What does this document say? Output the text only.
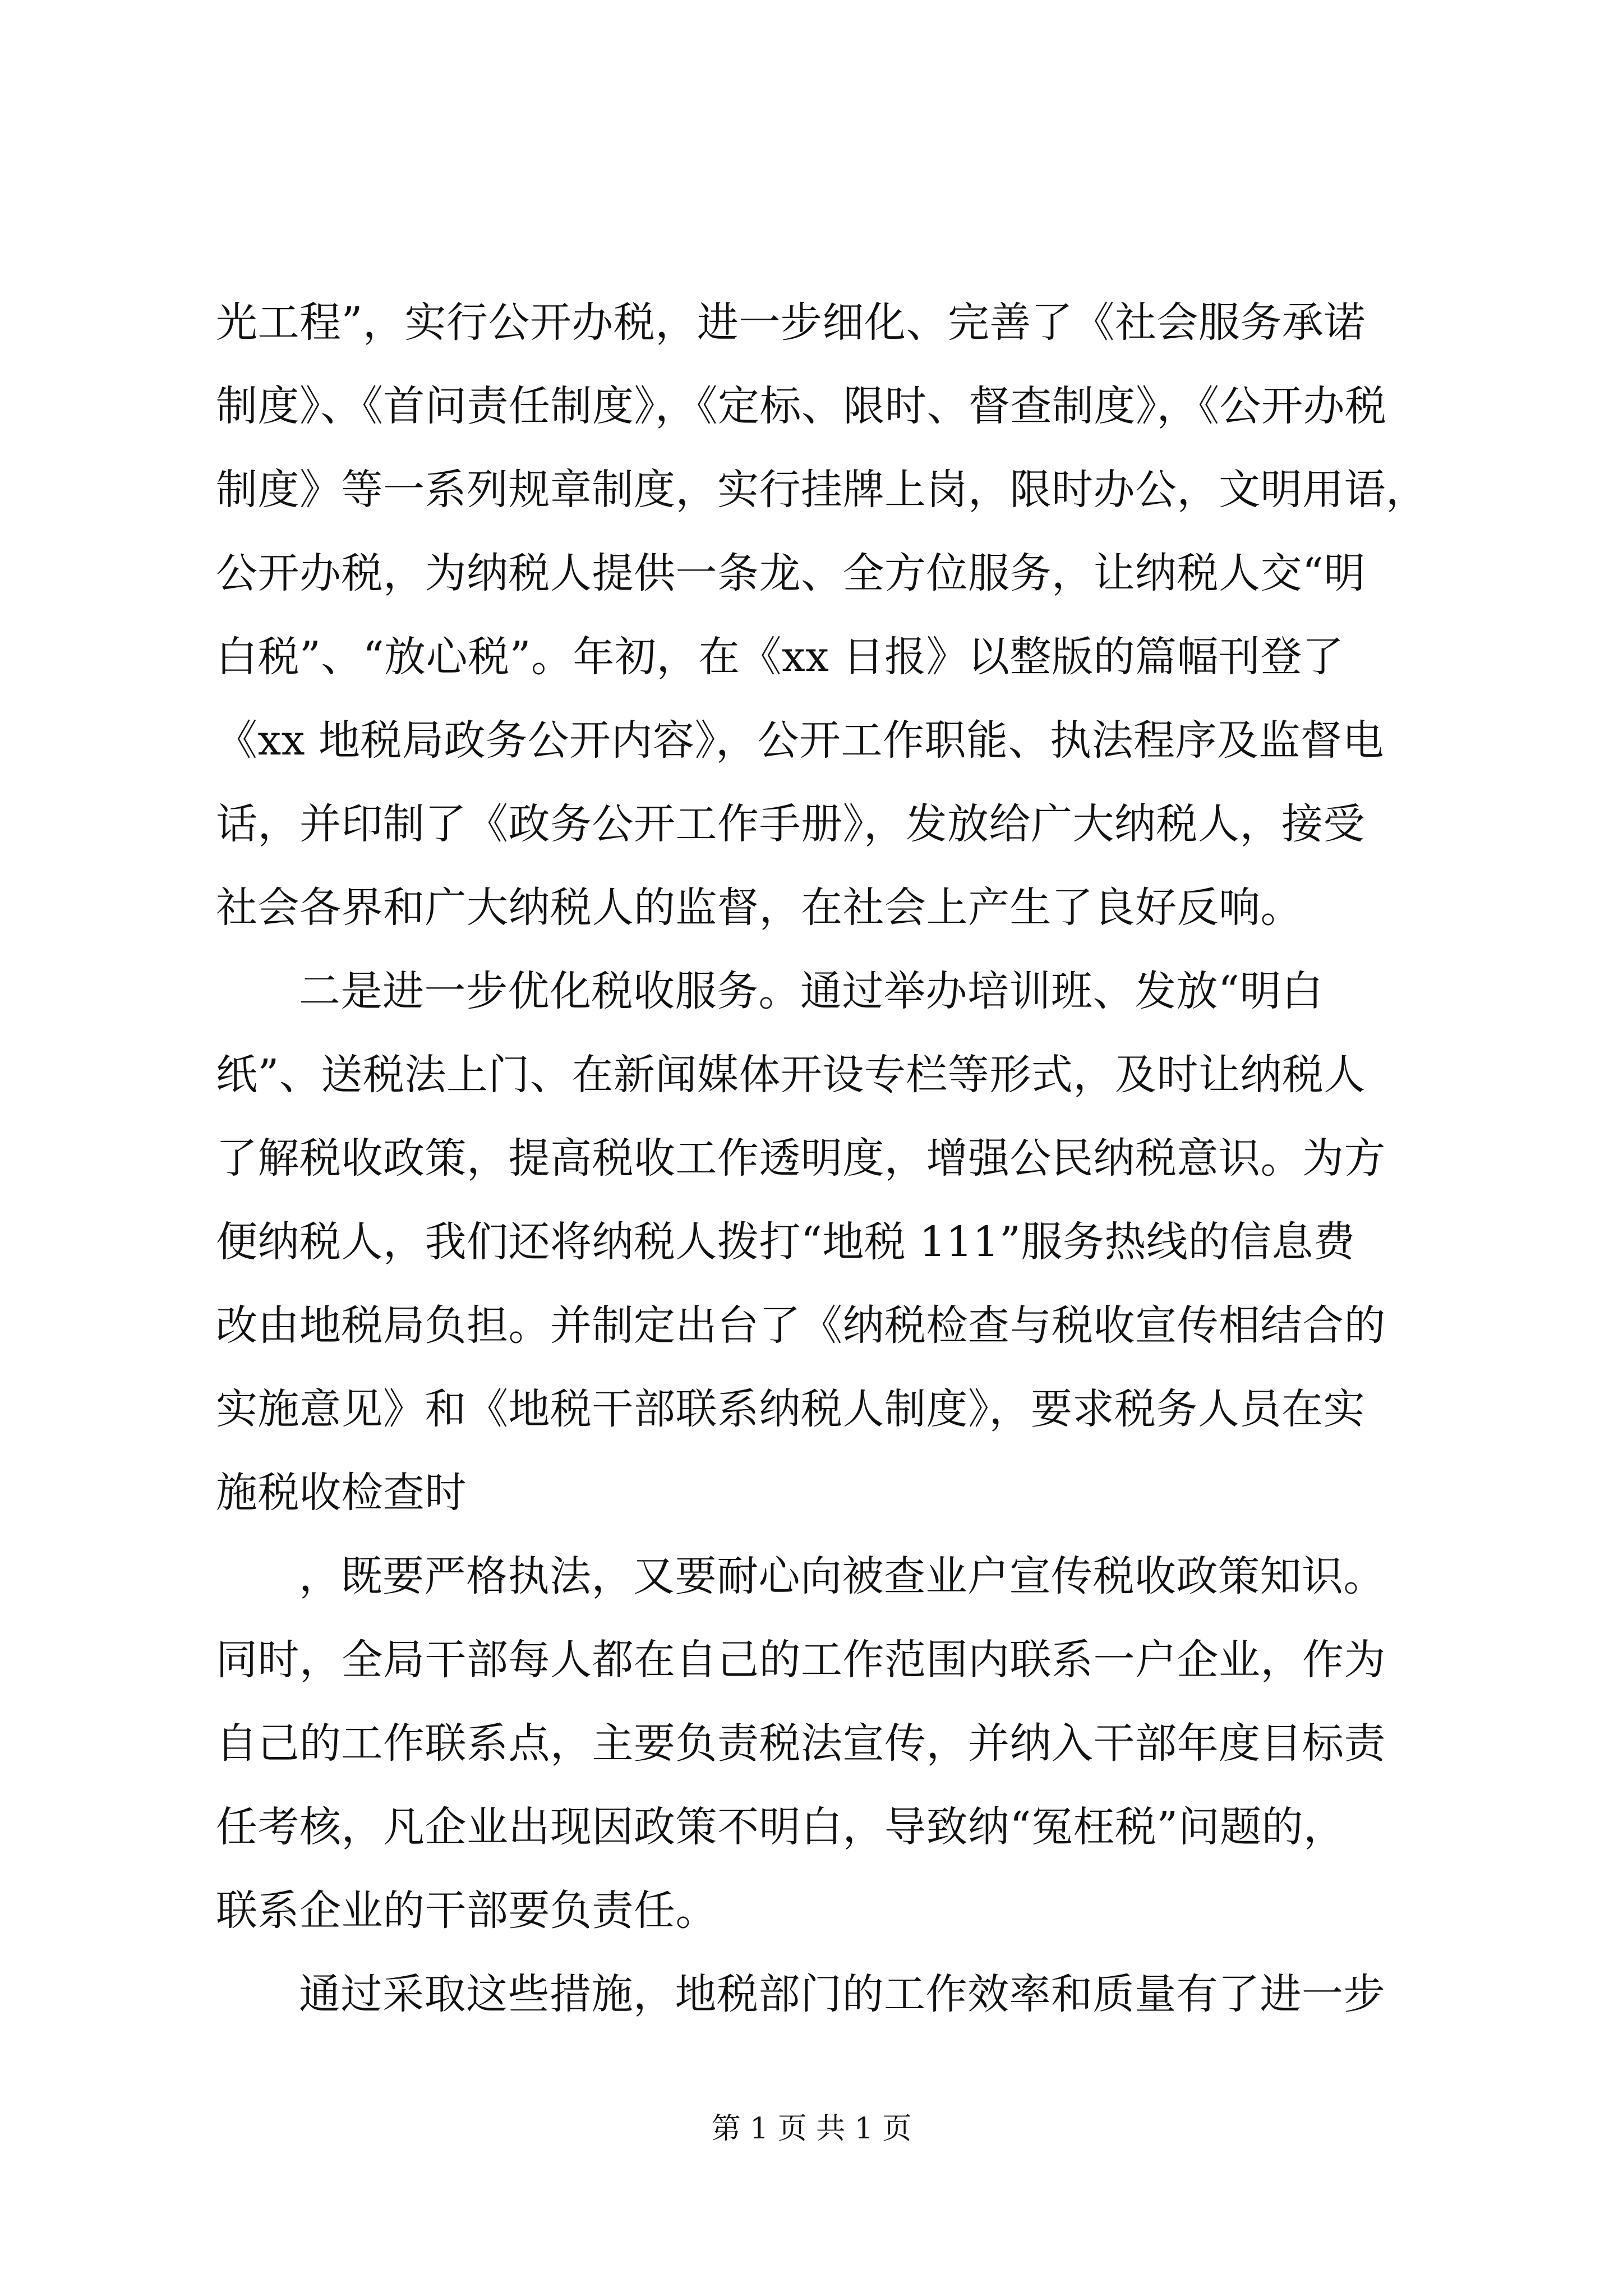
光工程”，实行公开办税，进一步细化、完善了《社会服务承诺
制度》、《首问责任制度》，《定标、限时、督查制度》，《公开办税
制度》等一系列规章制度，实行挂牌上岗，限时办公，文明用语，
公开办税，为纳税人提供一条龙、全方位服务，让纳税人交“明
白税”、“放心税”。年初，在《xx 日报》以整版的篇幅刊登了
《xx 地税局政务公开内容》，公开工作职能、执法程序及监督电
话，并印制了《政务公开工作手册》，发放给广大纳税人，接受
社会各界和广大纳税人的监督，在社会上产生了良好反响。
二是进一步优化税收服务。通过举办培训班、发放“明白
纸”、送税法上门、在新闻媒体开设专栏等形式，及时让纳税人
了解税收政策，提高税收工作透明度，增强公民纳税意识。为方
便纳税人，我们还将纳税人拨打“地税 111”服务热线的信息费
改由地税局负担。并制定出台了《纳税检查与税收宣传相结合的
实施意见》和《地税干部联系纳税人制度》，要求税务人员在实
施税收检查时
，既要严格执法，又要耐心向被查业户宣传税收政策知识。
同时，全局干部每人都在自己的工作范围内联系一户企业，作为
自己的工作联系点，主要负责税法宣传，并纳入干部年度目标责
任考核，凡企业出现因政策不明白，导致纳“冤枉税”问题的，
联系企业的干部要负责任。
通过采取这些措施，地税部门的工作效率和质量有了进一步
第 1 页 共 1 页
